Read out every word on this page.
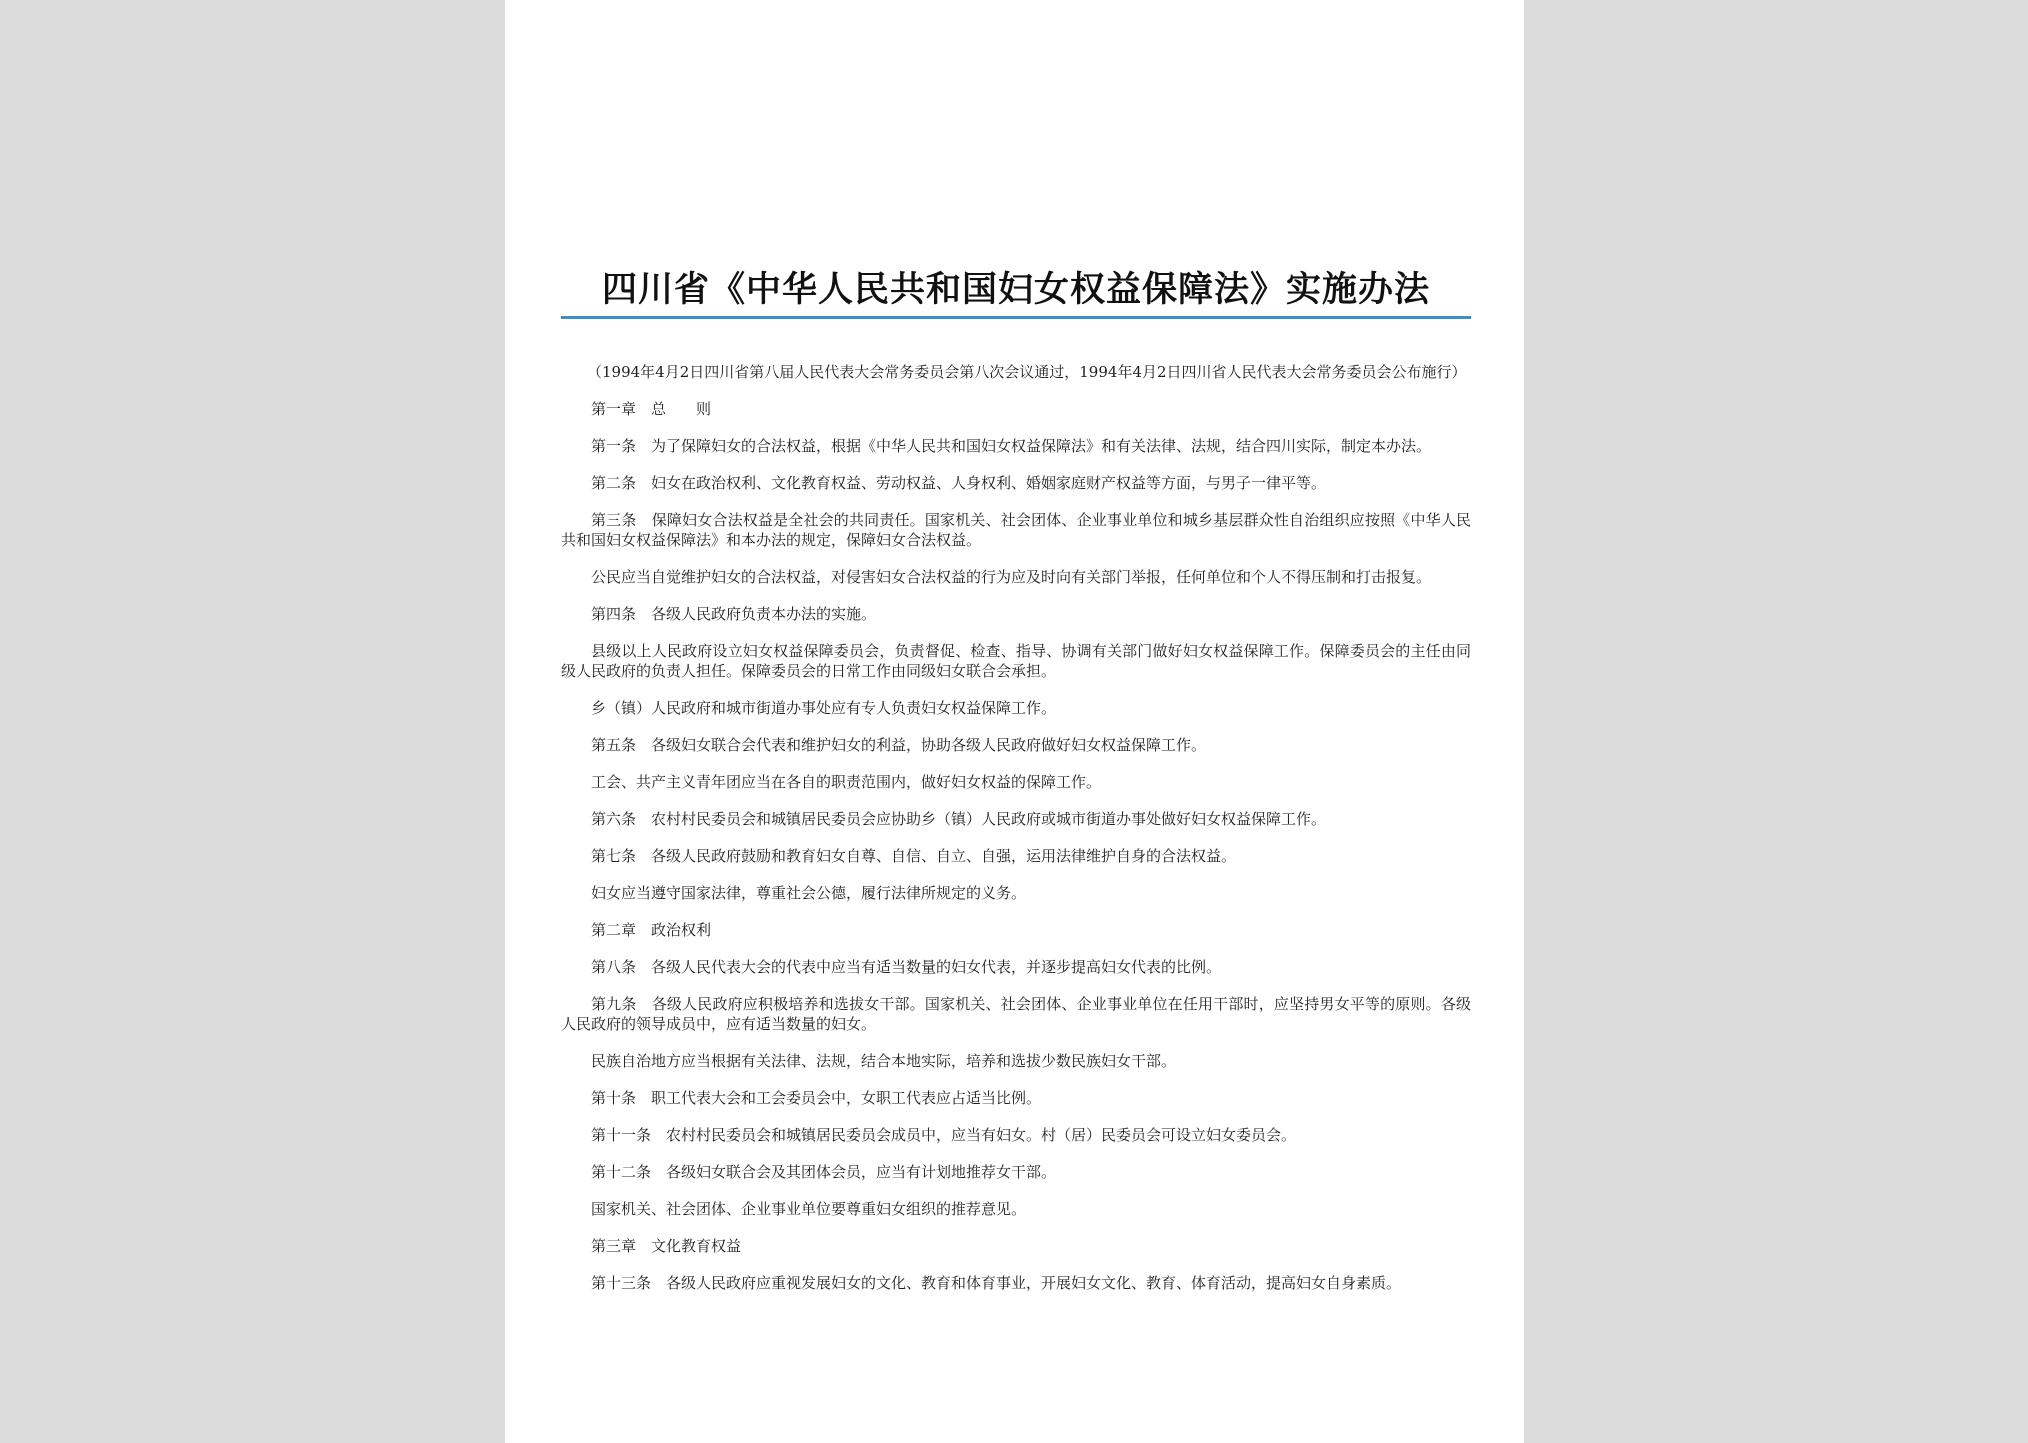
四川省《中华人民共和国妇女权益保障法》实施办法

（1994年4月2日四川省第八届人民代表大会常务委员会第八次会议通过，1994年4月2日四川省人民代表大会常务委员会公布施行）

第一章　总　　则

第一条　为了保障妇女的合法权益，根据《中华人民共和国妇女权益保障法》和有关法律、法规，结合四川实际，制定本办法。

第二条　妇女在政治权利、文化教育权益、劳动权益、人身权利、婚姻家庭财产权益等方面，与男子一律平等。

第三条　保障妇女合法权益是全社会的共同责任。国家机关、社会团体、企业事业单位和城乡基层群众性自治组织应按照《中华人民共和国妇女权益保障法》和本办法的规定，保障妇女合法权益。

公民应当自觉维护妇女的合法权益，对侵害妇女合法权益的行为应及时向有关部门举报，任何单位和个人不得压制和打击报复。

第四条　各级人民政府负责本办法的实施。

县级以上人民政府设立妇女权益保障委员会，负责督促、检查、指导、协调有关部门做好妇女权益保障工作。保障委员会的主任由同级人民政府的负责人担任。保障委员会的日常工作由同级妇女联合会承担。

乡（镇）人民政府和城市街道办事处应有专人负责妇女权益保障工作。

第五条　各级妇女联合会代表和维护妇女的利益，协助各级人民政府做好妇女权益保障工作。

工会、共产主义青年团应当在各自的职责范围内，做好妇女权益的保障工作。

第六条　农村村民委员会和城镇居民委员会应协助乡（镇）人民政府或城市街道办事处做好妇女权益保障工作。

第七条　各级人民政府鼓励和教育妇女自尊、自信、自立、自强，运用法律维护自身的合法权益。

妇女应当遵守国家法律，尊重社会公德，履行法律所规定的义务。

第二章　政治权利

第八条　各级人民代表大会的代表中应当有适当数量的妇女代表，并逐步提高妇女代表的比例。

第九条　各级人民政府应积极培养和选拔女干部。国家机关、社会团体、企业事业单位在任用干部时，应坚持男女平等的原则。各级人民政府的领导成员中，应有适当数量的妇女。

民族自治地方应当根据有关法律、法规，结合本地实际，培养和选拔少数民族妇女干部。

第十条　职工代表大会和工会委员会中，女职工代表应占适当比例。

第十一条　农村村民委员会和城镇居民委员会成员中，应当有妇女。村（居）民委员会可设立妇女委员会。

第十二条　各级妇女联合会及其团体会员，应当有计划地推荐女干部。

国家机关、社会团体、企业事业单位要尊重妇女组织的推荐意见。

第三章　文化教育权益

第十三条　各级人民政府应重视发展妇女的文化、教育和体育事业，开展妇女文化、教育、体育活动，提高妇女自身素质。
